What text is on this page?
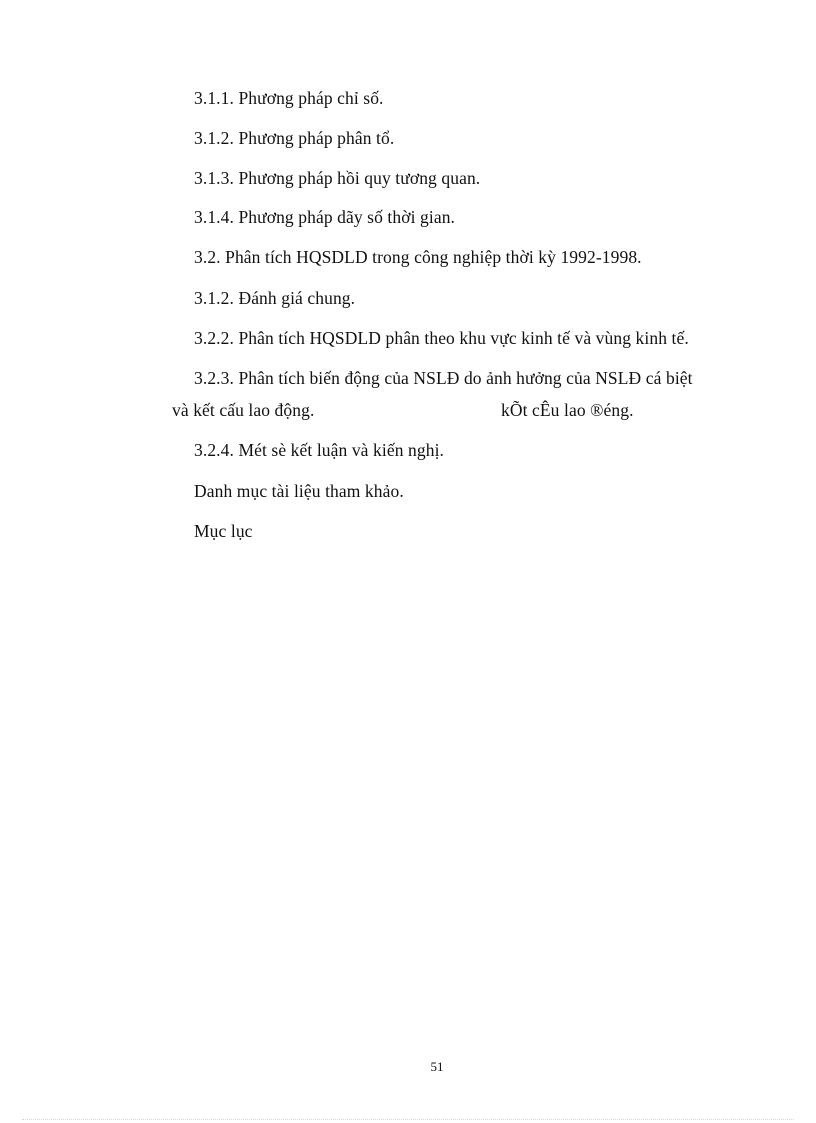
3.1.1. Phương pháp chỉ số.
3.1.2. Phương pháp phân tổ.
3.1.3. Phương pháp hồi quy tương quan.
3.1.4. Phương pháp dãy số thời gian.
3.2. Phân tích HQSDLD trong công nghiệp thời kỳ 1992-1998.
3.1.2. Đánh giá chung.
3.2.2. Phân tích HQSDLD phân theo khu vực kinh tế và vùng kinh tế.
3.2.3. Phân tích biến động của NSLĐ do ảnh hưởng của NSLĐ cá biệt
và kết cấu lao động.	kÕt cÊu lao ®éng.
3.2.4. Mét sè kết luận và kiến nghị.
Danh mục tài liệu tham khảo.
Mục lục
51
